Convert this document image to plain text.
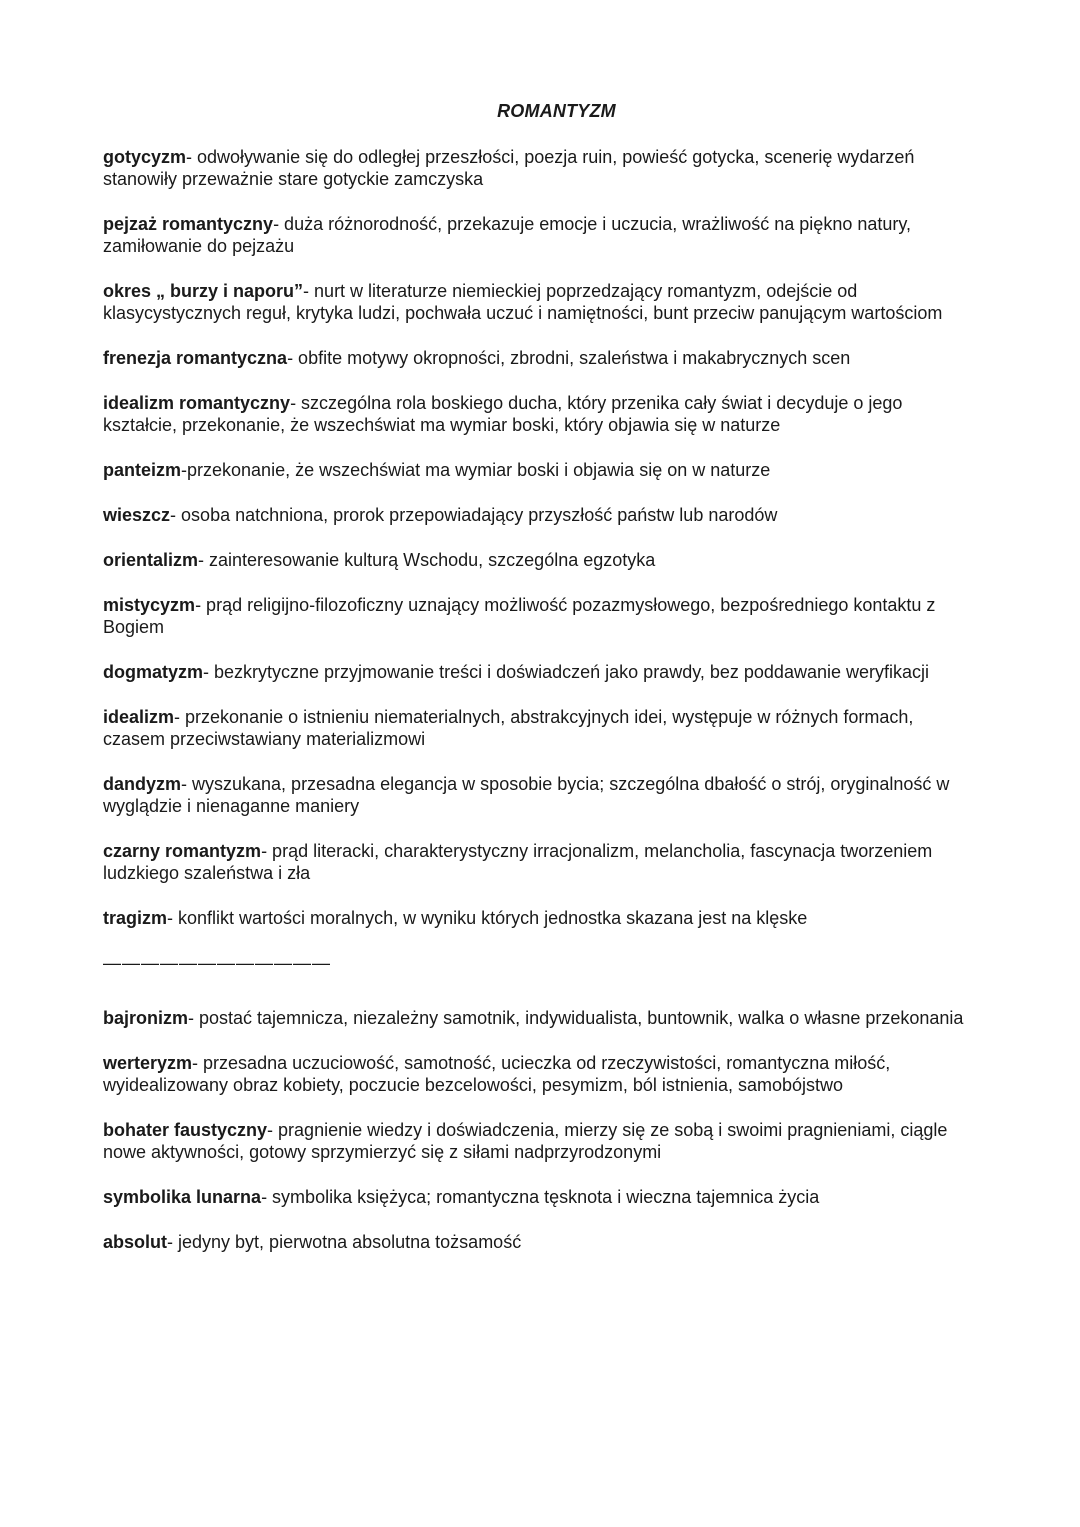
ROMANTYZM

gotycyzm- odwoływanie się do odległej przeszłości, poezja ruin, powieść gotycka, scenerię wydarzeń stanowiły przeważnie stare gotyckie zamczyska

pejzaż romantyczny- duża różnorodność, przekazuje emocje i uczucia, wrażliwość na piękno natury, zamiłowanie do pejzażu

okres „ burzy i naporu”- nurt w literaturze niemieckiej poprzedzający romantyzm, odejście od klasycystycznych reguł, krytyka ludzi, pochwała uczuć i namiętności, bunt przeciw panującym wartościom

frenezja romantyczna- obfite motywy okropności, zbrodni, szaleństwa i makabrycznych scen

idealizm romantyczny- szczególna rola boskiego ducha, który przenika cały świat i decyduje o jego kształcie, przekonanie, że wszechświat ma wymiar boski, który objawia się w naturze

panteizm-przekonanie, że wszechświat ma wymiar boski i objawia się on w naturze

wieszcz- osoba natchniona, prorok przepowiadający przyszłość państw lub narodów

orientalizm- zainteresowanie kulturą Wschodu, szczególna egzotyka

mistycyzm- prąd religijno-filozoficzny uznający możliwość pozazmysłowego, bezpośredniego kontaktu z Bogiem

dogmatyzm- bezkrytyczne przyjmowanie treści i doświadczeń jako prawdy, bez poddawanie weryfikacji

idealizm- przekonanie o istnieniu niematerialnych, abstrakcyjnych idei, występuje w różnych formach, czasem przeciwstawiany materializmowi

dandyzm- wyszukana, przesadna elegancja w sposobie bycia; szczególna dbałość o strój, oryginalność w wyglądzie i nienaganne maniery

czarny romantyzm- prąd literacki, charakterystyczny irracjonalizm, melancholia, fascynacja tworzeniem ludzkiego szaleństwa i zła

tragizm- konflikt wartości moralnych, w wyniku których jednostka skazana jest na klęske

————————————

bajronizm- postać tajemnicza, niezależny samotnik, indywidualista, buntownik, walka o własne przekonania

werteryzm- przesadna uczuciowość, samotność, ucieczka od rzeczywistości, romantyczna miłość, wyidealizowany obraz kobiety, poczucie bezcelowości, pesymizm, ból istnienia, samobójstwo

bohater faustyczny- pragnienie wiedzy i doświadczenia, mierzy się ze sobą i swoimi pragnieniami, ciągle nowe aktywności, gotowy sprzymierzyć się z siłami nadprzyrodzonymi

symbolika lunarna- symbolika księżyca; romantyczna tęsknota i wieczna tajemnica życia

absolut- jedyny byt, pierwotna absolutna tożsamość
